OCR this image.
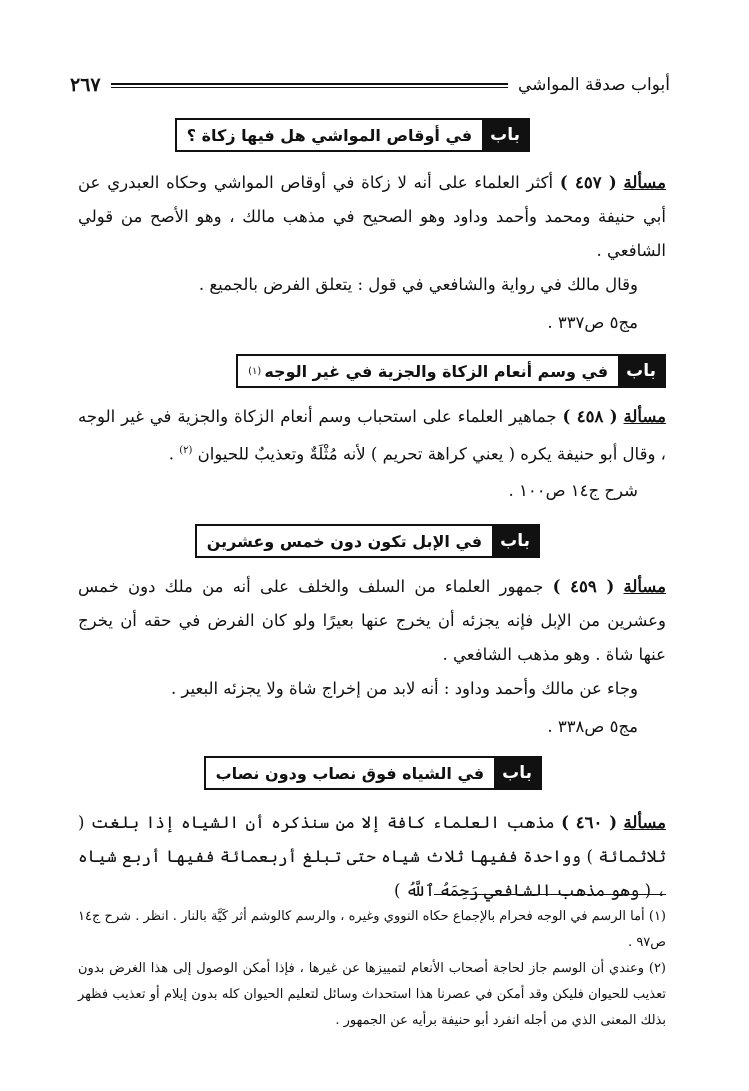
أبواب صدقة المواشي
٢٦٧
باب
في أوقاص المواشي هل فيها زكاة ؟
مسألة ( ٤٥٧ ) أكثر العلماء على أنه لا زكاة في أوقاص المواشي وحكاه العبدري عن أبي حنيفة ومحمد وأحمد وداود وهو الصحيح في مذهب مالك ، وهو الأصح من قولي الشافعي .
وقال مالك في رواية والشافعي في قول : يتعلق الفرض بالجميع .
مج٥ ص٣٣٧ .
باب
في وسم أنعام الزكاة والجزية في غير الوجه
(١)
مسألة ( ٤٥٨ ) جماهير العلماء على استحباب وسم أنعام الزكاة والجزية في غير الوجه ، وقال أبو حنيفة يكره ( يعني كراهة تحريم ) لأنه مُثْلَةٌ وتعذيبٌ للحيوان $^{(٢)}$ .
شرح ج١٤ ص١٠٠ .
باب
في الإبل تكون دون خمس وعشرين
مسألة ( ٤٥٩ ) جمهور العلماء من السلف والخلف على أنه من ملك دون خمس وعشرين من الإبل فإنه يجزئه أن يخرج عنها بعيرًا ولو كان الفرض في حقه أن يخرج عنها شاة . وهو مذهب الشافعي .
وجاء عن مالك وأحمد وداود : أنه لابد من إخراج شاة ولا يجزئه البعير .
مج٥ ص٣٣٨ .
باب
في الشياه فوق نصاب ودون نصاب
مسألة ( ٤٦٠ ) مذهب العلماء كافة إلا من سنذكره أن الشياه إذا بلغت ( ثلاثمائة ) وواحدة ففيها ثلاث شياه حتى تبلغ أربعمائة ففيها أربع شياه ، ( وهو مذهب الشافعي رَحِمَهُ ٱللَّهُ )

(١) أما الرسم في الوجه فحرام بالإجماع حكاه النووي وغيره ، والرسم كالوشم أثر كَيَّة بالنار . انظر . شرح ج١٤ ص٩٧ .

(٢) وعندي أن الوسم جاز لحاجة أصحاب الأنعام لتمييزها عن غيرها ، فإذا أمكن الوصول إلى هذا الغرض بدون تعذيب للحيوان فليكن وقد أمكن في عصرنا هذا استحداث وسائل لتعليم الحيوان كله بدون إيلام أو تعذيب فظهر بذلك المعنى الذي من أجله انفرد أبو حنيفة برأيه عن الجمهور .
